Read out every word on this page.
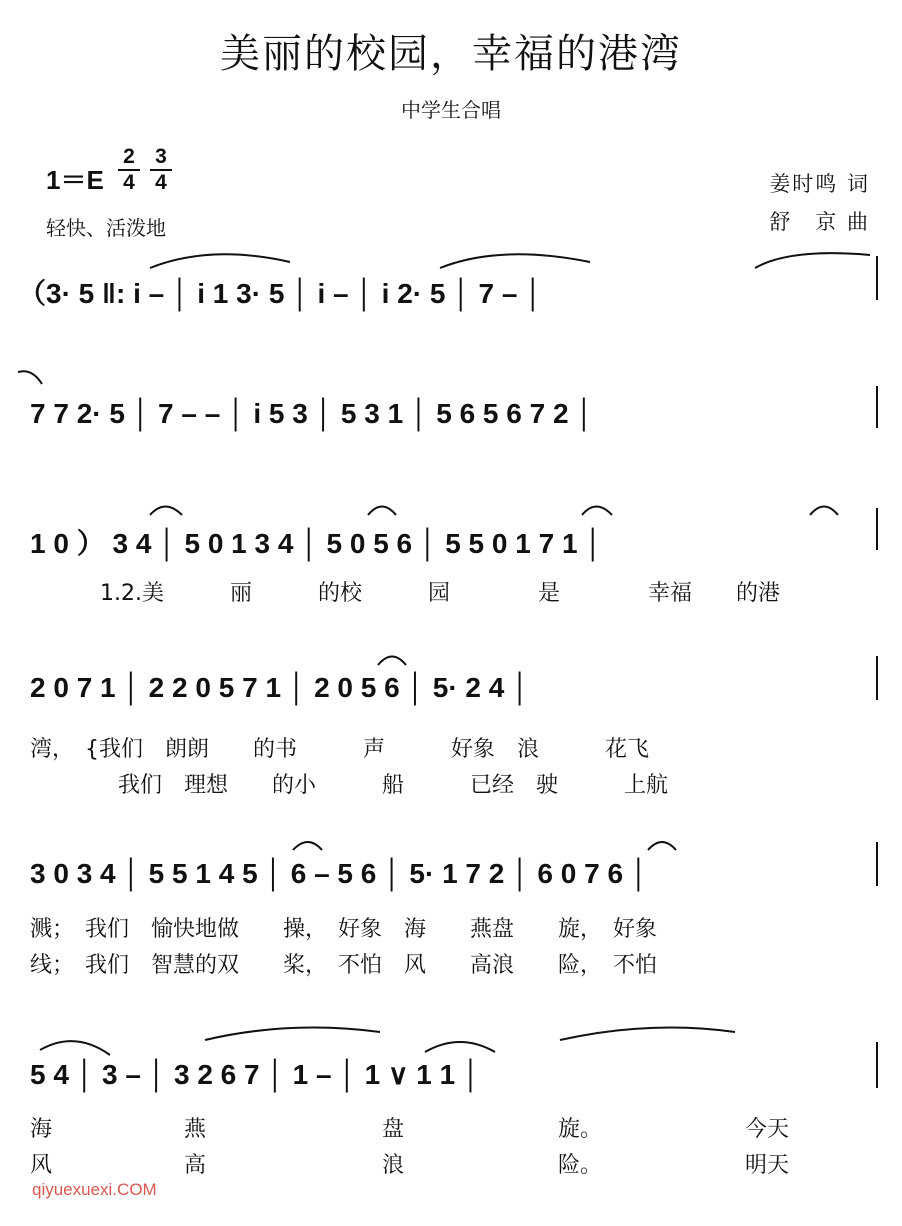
美丽的校园，幸福的港湾
中学生合唱
$1=E \frac{2}{4} \frac{3}{4}$
轻快、活泼地
姜时鸣 词
舒　京 曲
（3· 5 ‖: i – │ i 1 3· 5 │ i – │ i 2· 5 │ 7 – │
7 7 2· 5 │ 7 – – │ i 5 3 │ 5 3 1 │ 5 6 5 6 7 2 │
1 0 ） 3 4 │ 5 0 1 3 4 │ 5 0 5 6 │ 5 5 0 1 7 1 │
1.2.美　　　丽　　　的校　　　园　　　　是　　　　幸福　　的港
2 0 7 1 │ 2 2 0 5 7 1 │ 2 0 5 6 │ 5· 2 4 │
湾，　{我们　朗朗　　的书　　　声　　　好象　浪　　　花飞
　　　　我们　理想　　的小　　　船　　　已经　驶　　　上航
3 0 3 4 │ 5 5 1 4 5 │ 6 – 5 6 │ 5· 1 7 2 │ 6 0 7 6 │
溅；　我们　愉快地做　　操，　好象　海　　燕盘　　旋，　好象
线；　我们　智慧的双　　桨，　不怕　风　　高浪　　险，　不怕
5 4 │ 3 – │ 3 2 6 7 │ 1 – │ 1 ∨ 1 1 │
海　　　　　　燕　　　　　　　　盘　　　　　　　旋。　　　　　　　今天
风　　　　　　高　　　　　　　　浪　　　　　　　险。　　　　　　　明天
qiyuexuexi.COM
